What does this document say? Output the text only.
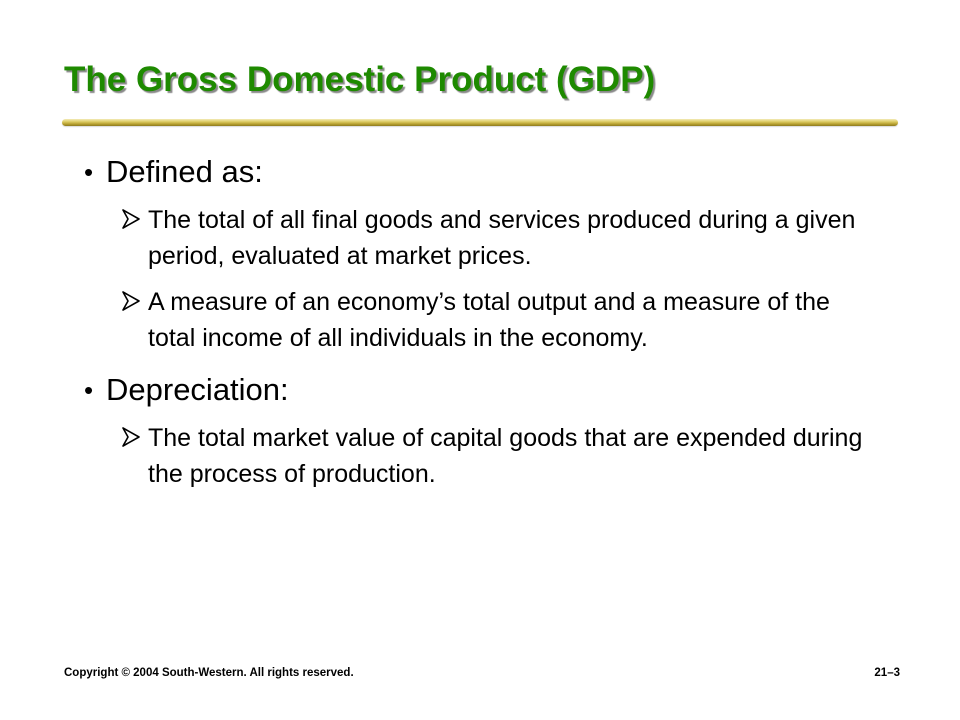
The Gross Domestic Product (GDP)
• Defined as:
The total of all final goods and services produced during a given period, evaluated at market prices.
A measure of an economy’s total output and a measure of the total income of all individuals in the economy.
• Depreciation:
The total market value of capital goods that are expended during the process of production.
Copyright © 2004 South-Western. All rights reserved.	21–3
